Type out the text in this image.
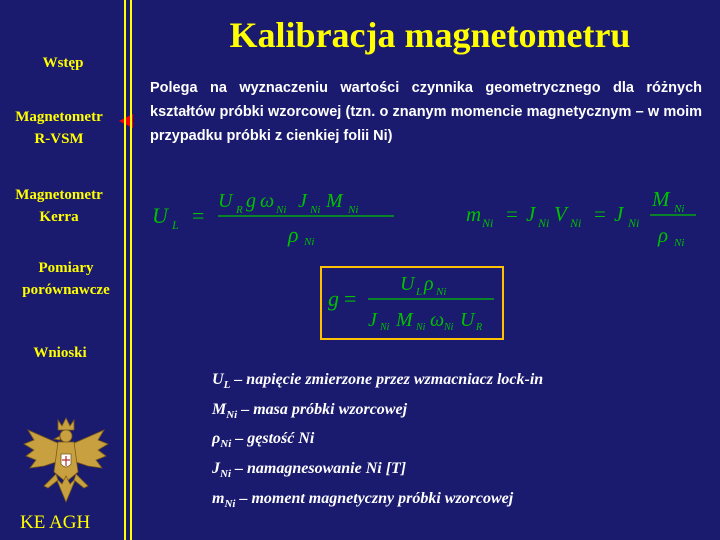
Wstęp
Magnetometr
R-VSM
Magnetometr
Kerra
Pomiary
porównawcze
Wnioski
KE AGH
Kalibracja magnetometru
Polega na wyznaczeniu wartości czynnika geometrycznego dla różnych kształtów próbki wzorcowej (tzn. o znanym momencie magnetycznym – w moim przypadku próbki z cienkiej folii Ni)
U L =
U R g ω Ni J Ni M Ni
ρ Ni
m Ni = J Ni V Ni = J Ni
M Ni
ρ Ni
g =
U L ρ Ni
J Ni M Ni ω Ni U R
$U_L$ – napięcie zmierzone przez wzmacniacz lock-in
$M_{Ni}$ – masa próbki wzorcowej
$\rho_{Ni}$ – gęstość Ni
$J_{Ni}$ – namagnesowanie Ni [T]
$m_{Ni}$ – moment magnetyczny próbki wzorcowej
